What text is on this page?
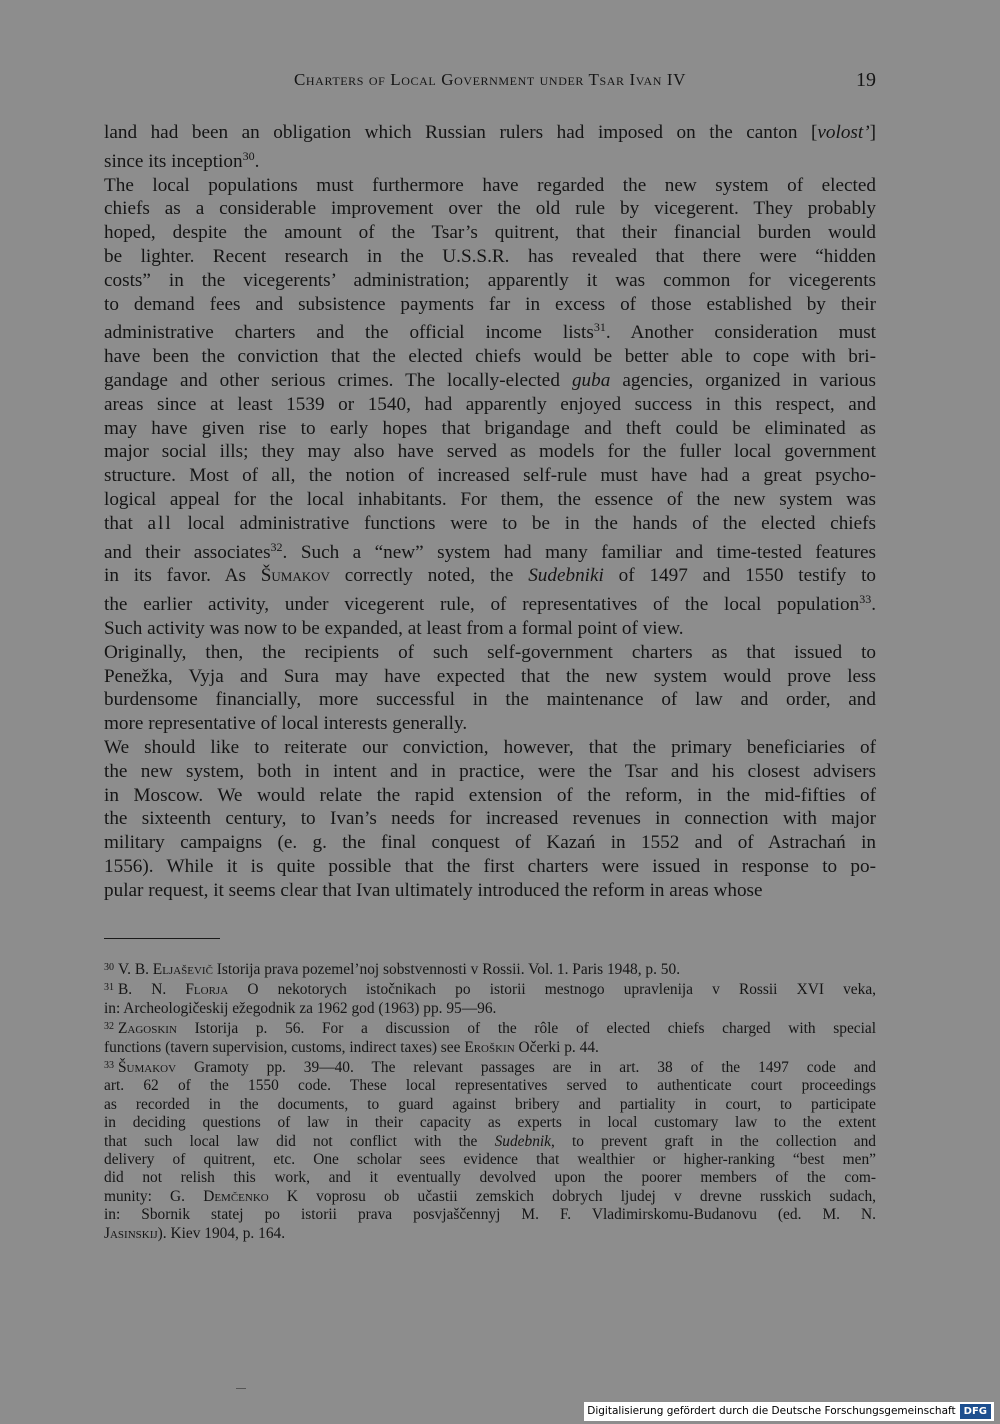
Charters of Local Government under Tsar Ivan IV	19

land had been an obligation which Russian rulers had imposed on the canton [volost’]
since its inception$^{30}$.

The local populations must furthermore have regarded the new system of elected
chiefs as a considerable improvement over the old rule by vicegerent. They probably
hoped, despite the amount of the Tsar’s quitrent, that their financial burden would
be lighter. Recent research in the U.S.S.R. has revealed that there were “hidden
costs” in the vicegerents’ administration; apparently it was common for vicegerents
to demand fees and subsistence payments far in excess of those established by their
administrative charters and the official income lists$^{31}$. Another consideration must
have been the conviction that the elected chiefs would be better able to cope with bri-
gandage and other serious crimes. The locally-elected guba agencies, organized in various
areas since at least 1539 or 1540, had apparently enjoyed success in this respect, and
may have given rise to early hopes that brigandage and theft could be eliminated as
major social ills; they may also have served as models for the fuller local government
structure. Most of all, the notion of increased self-rule must have had a great psycho-
logical appeal for the local inhabitants. For them, the essence of the new system was
that all local administrative functions were to be in the hands of the elected chiefs
and their associates$^{32}$. Such a “new” system had many familiar and time-tested features
in its favor. As Šumakov correctly noted, the Sudebniki of 1497 and 1550 testify to
the earlier activity, under vicegerent rule, of representatives of the local population$^{33}$.
Such activity was now to be expanded, at least from a formal point of view.

Originally, then, the recipients of such self-government charters as that issued to
Penežka, Vyja and Sura may have expected that the new system would prove less
burdensome financially, more successful in the maintenance of law and order, and
more representative of local interests generally.

We should like to reiterate our conviction, however, that the primary beneficiaries of
the new system, both in intent and in practice, were the Tsar and his closest advisers
in Moscow. We would relate the rapid extension of the reform, in the mid-fifties of
the sixteenth century, to Ivan’s needs for increased revenues in connection with major
military campaigns (e. g. the final conquest of Kazań in 1552 and of Astrachań in
1556). While it is quite possible that the first charters were issued in response to po-
pular request, it seems clear that Ivan ultimately introduced the reform in areas whose

$^{30}$ V. B. Eljaševič Istorija prava pozemel’noj sobstvennosti v Rossii. Vol. 1. Paris 1948, p. 50.
$^{31}$ B. N. Florja O nekotorych istočnikach po istorii mestnogo upravlenija v Rossii XVI veka,
in: Archeologičeskij ežegodnik za 1962 god (1963) pp. 95—96.
$^{32}$ Zagoskin Istorija p. 56. For a discussion of the rôle of elected chiefs charged with special
functions (tavern supervision, customs, indirect taxes) see Eroškin Očerki p. 44.
$^{33}$ Šumakov Gramoty pp. 39—40. The relevant passages are in art. 38 of the 1497 code and
art. 62 of the 1550 code. These local representatives served to authenticate court proceedings
as recorded in the documents, to guard against bribery and partiality in court, to participate
in deciding questions of law in their capacity as experts in local customary law to the extent
that such local law did not conflict with the Sudebnik, to prevent graft in the collection and
delivery of quitrent, etc. One scholar sees evidence that wealthier or higher-ranking “best men”
did not relish this work, and it eventually devolved upon the poorer members of the com-
munity: G. Demčenko K voprosu ob učastii zemskich dobrych ljudej v drevne russkich sudach,
in: Sbornik statej po istorii prava posvjaščennyj M. F. Vladimirskomu-Budanovu (ed. M. N.
Jasinskij). Kiev 1904, p. 164.
Digitalisierung gefördert durch die Deutsche Forschungsgemeinschaft DFG
